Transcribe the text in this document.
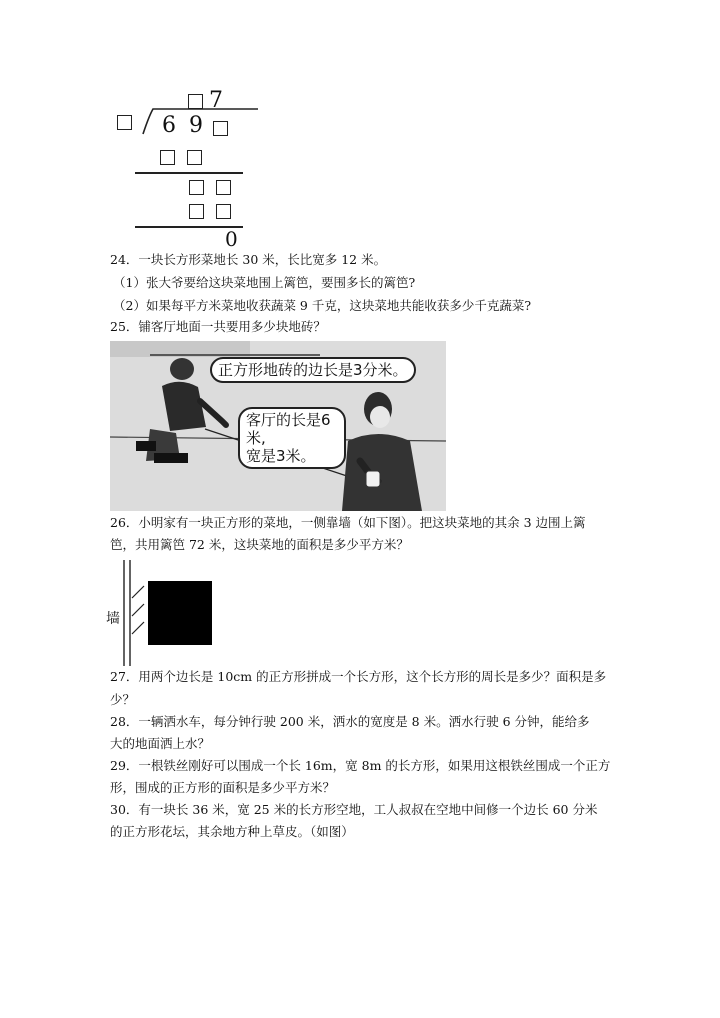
7
6 9
0
24．一块长方形菜地长 30 米，长比宽多 12 米。
（1）张大爷要给这块菜地围上篱笆，要围多长的篱笆?
（2）如果每平方米菜地收获蔬菜 9 千克，这块菜地共能收获多少千克蔬菜?
25．铺客厅地面一共要用多少块地砖？
正方形地砖的边长是3分米。
客厅的长是6米,
宽是3米。
26．小明家有一块正方形的菜地，一侧靠墙（如下图）。把这块菜地的其余 3 边围上篱
笆，共用篱笆 72 米，这块菜地的面积是多少平方米？
墙
27．用两个边长是 10cm 的正方形拼成一个长方形，这个长方形的周长是多少？面积是多
少？
28．一辆洒水车，每分钟行驶 200 米，洒水的宽度是 8 米。洒水行驶 6 分钟，能给多
大的地面洒上水？
29．一根铁丝刚好可以围成一个长 16m，宽 8m 的长方形，如果用这根铁丝围成一个正方
形，围成的正方形的面积是多少平方米？
30．有一块长 36 米，宽 25 米的长方形空地，工人叔叔在空地中间修一个边长 60 分米
的正方形花坛，其余地方种上草皮。（如图）
